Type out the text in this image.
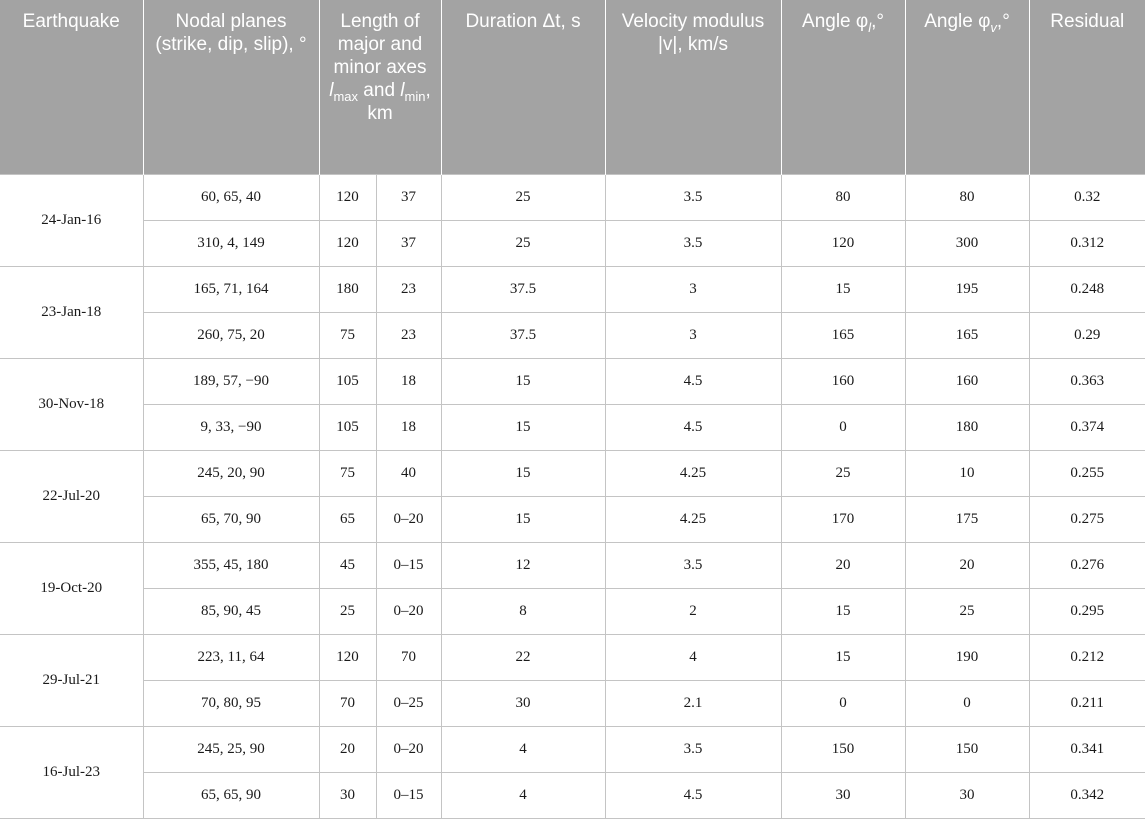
Earthquake	Nodal planes (strike, dip, slip), °	Length of major and minor axes $l_{max}$ and $l_{min}$, km		Duration Δt, s	Velocity modulus |v|, km/s	Angle $\varphi_l,^\circ$	Angle $\varphi_v,^\circ$	Residual
24-Jan-16	60, 65, 40	120	37	25	3.5	80	80	0.32
	310, 4, 149	120	37	25	3.5	120	300	0.312
23-Jan-18	165, 71, 164	180	23	37.5	3	15	195	0.248
	260, 75, 20	75	23	37.5	3	165	165	0.29
30-Nov-18	189, 57, −90	105	18	15	4.5	160	160	0.363
	9, 33, −90	105	18	15	4.5	0	180	0.374
22-Jul-20	245, 20, 90	75	40	15	4.25	25	10	0.255
	65, 70, 90	65	0–20	15	4.25	170	175	0.275
19-Oct-20	355, 45, 180	45	0–15	12	3.5	20	20	0.276
	85, 90, 45	25	0–20	8	2	15	25	0.295
29-Jul-21	223, 11, 64	120	70	22	4	15	190	0.212
	70, 80, 95	70	0–25	30	2.1	0	0	0.211
16-Jul-23	245, 25, 90	20	0–20	4	3.5	150	150	0.341
	65, 65, 90	30	0–15	4	4.5	30	30	0.342
